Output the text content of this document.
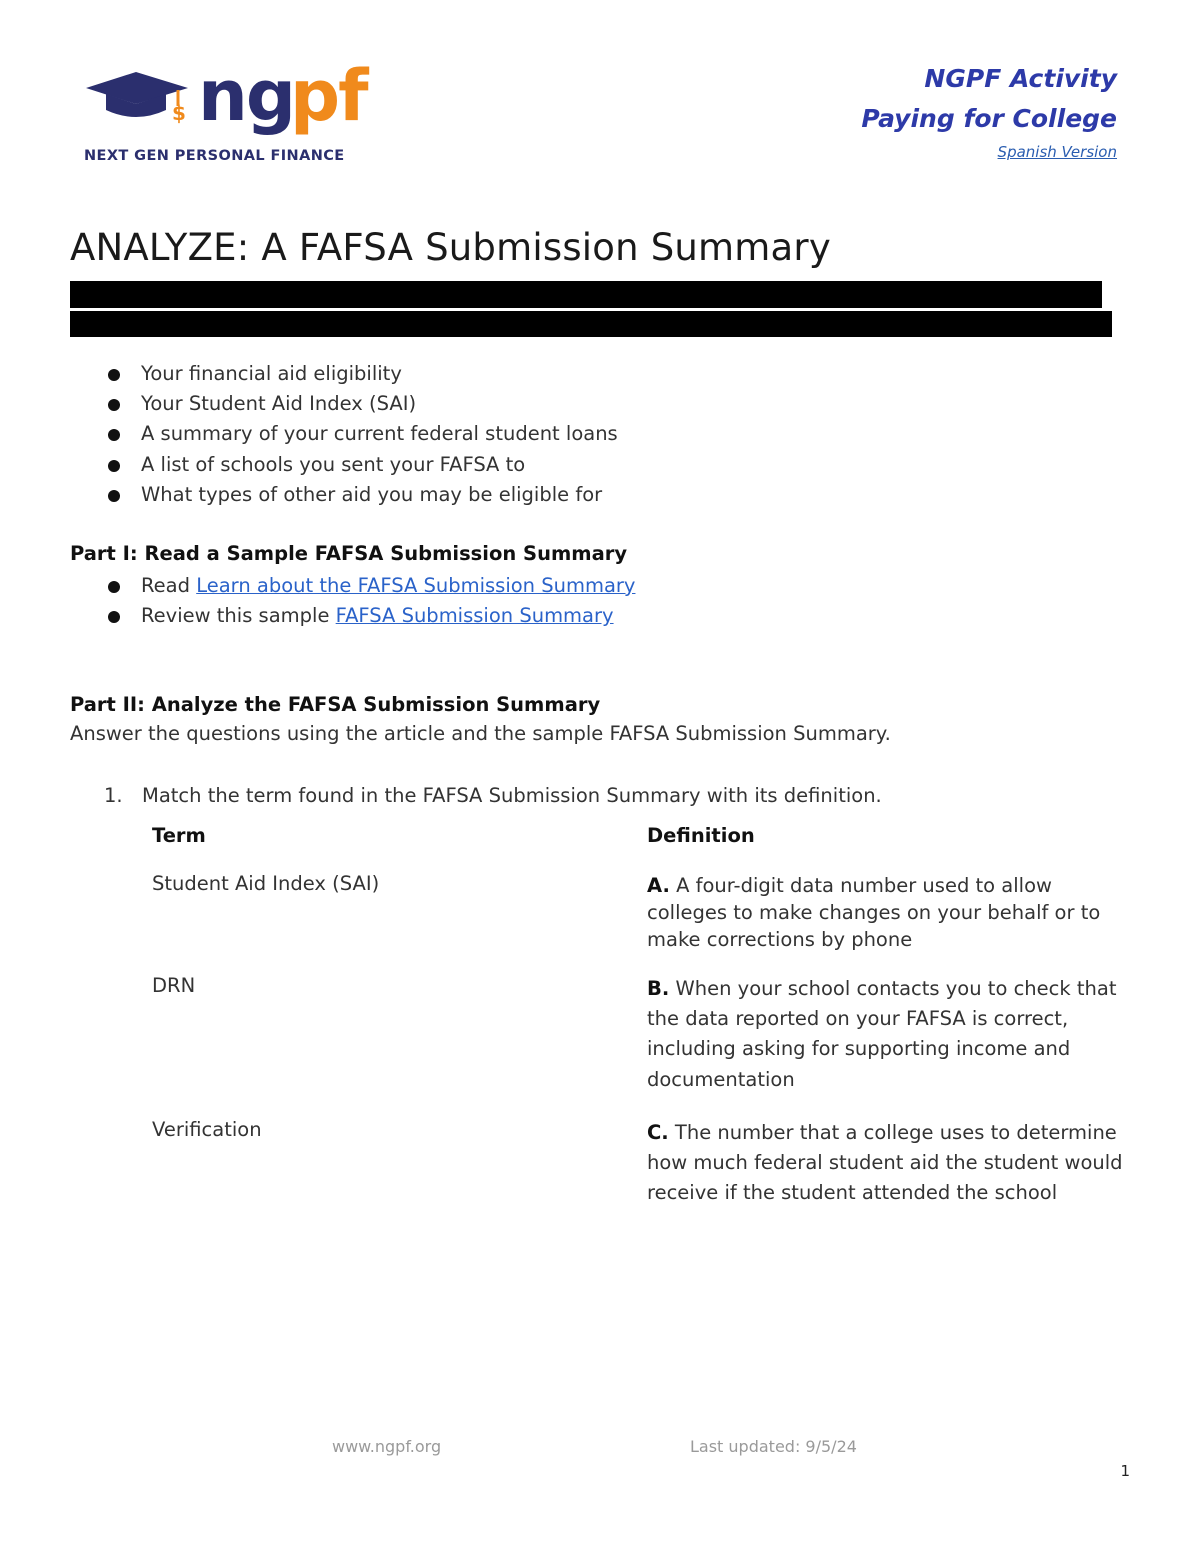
$ ng
pf
NEXT GEN PERSONAL FINANCE
NGPF Activity
Paying for College
Spanish Version
ANALYZE: A FAFSA Submission Summary
Your financial aid eligibility
Your Student Aid Index (SAI)
A summary of your current federal student loans
A list of schools you sent your FAFSA to
What types of other aid you may be eligible for
Part I: Read a Sample FAFSA Submission Summary
Read Learn about the FAFSA Submission Summary
Review this sample FAFSA Submission Summary
Part II: Analyze the FAFSA Submission Summary
Answer the questions using the article and the sample FAFSA Submission Summary.
1. Match the term found in the FAFSA Submission Summary with its definition.
Term	Definition
Student Aid Index (SAI)	A. A four-digit data number used to allow colleges to make changes on your behalf or to make corrections by phone
DRN	B. When your school contacts you to check that the data reported on your FAFSA is correct, including asking for supporting income and documentation
Verification	C. The number that a college uses to determine how much federal student aid the student would receive if the student attended the school
www.ngpf.org	Last updated: 9/5/24
1
